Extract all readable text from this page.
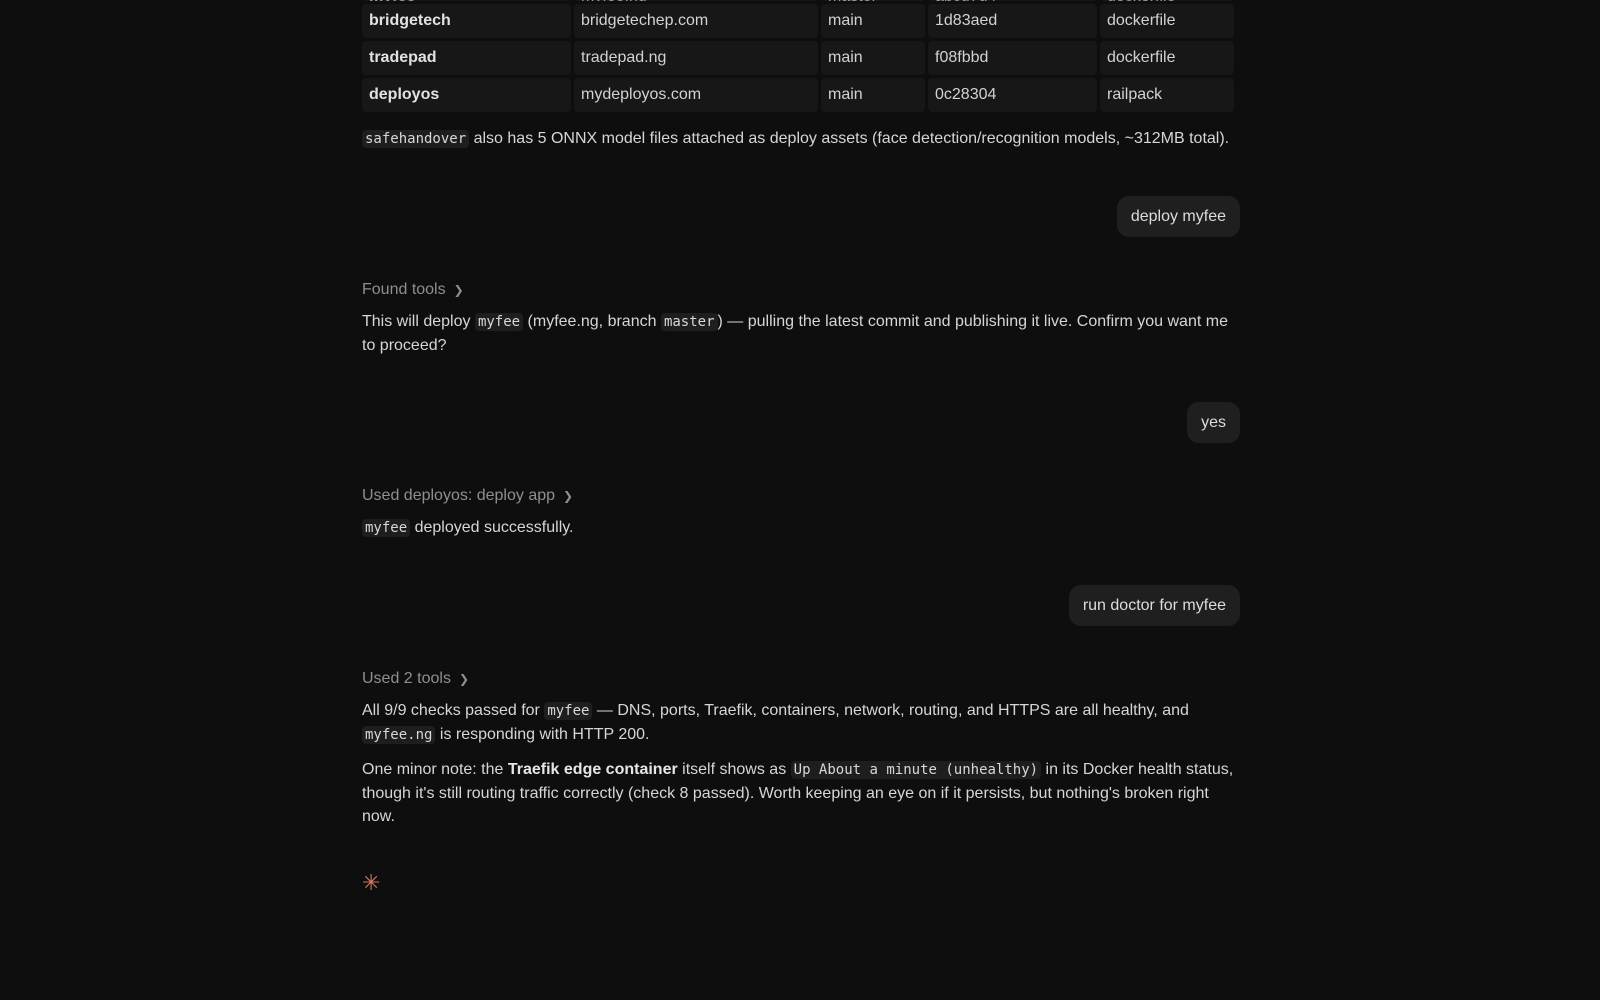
bridgetech	bridgetechep.com	main	1d83aed	dockerfile
tradepad	tradepad.ng	main	f08fbbd	dockerfile
deployos	mydeployos.com	main	0c28304	railpack

safehandover also has 5 ONNX model files attached as deploy assets (face detection/recognition models, ~312MB total).

deploy myfee
Found tools ❯

This will deploy myfee (myfee.ng, branch master ) — pulling the latest commit and publishing it live. Confirm you want me to proceed?

yes
Used deployos: deploy app ❯

myfee deployed successfully.

run doctor for myfee
Used 2 tools ❯

All 9/9 checks passed for myfee — DNS, ports, Traefik, containers, network, routing, and HTTPS are all healthy, and myfee.ng is responding with HTTP 200.

One minor note: the Traefik edge container itself shows as Up About a minute (unhealthy) in its Docker health status, though it's still routing traffic correctly (check 8 passed). Worth keeping an eye on if it persists, but nothing's broken right now.

✳
